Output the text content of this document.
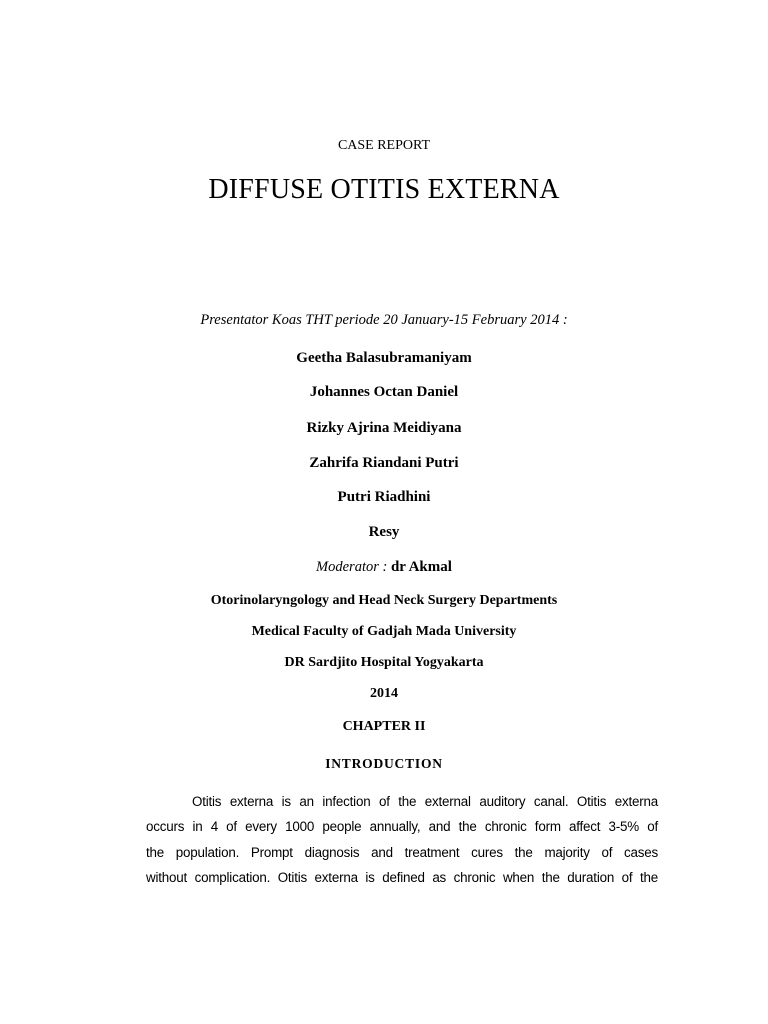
CASE REPORT
DIFFUSE OTITIS EXTERNA
Presentator Koas THT periode 20 January-15 February 2014 :
Geetha Balasubramaniyam
Johannes Octan Daniel
Rizky Ajrina Meidiyana
Zahrifa Riandani Putri
Putri Riadhini
Resy
Moderator : dr Akmal
Otorinolaryngology and Head Neck Surgery Departments
Medical Faculty of Gadjah Mada University
DR Sardjito Hospital Yogyakarta
2014
CHAPTER II
INTRODUCTION
Otitis externa is an infection of the external auditory canal. Otitis externa
occurs in 4 of every 1000 people annually, and the chronic form affect 3-5% of
the population. Prompt diagnosis and treatment cures the majority of cases
without complication. Otitis externa is defined as chronic when the duration of the
